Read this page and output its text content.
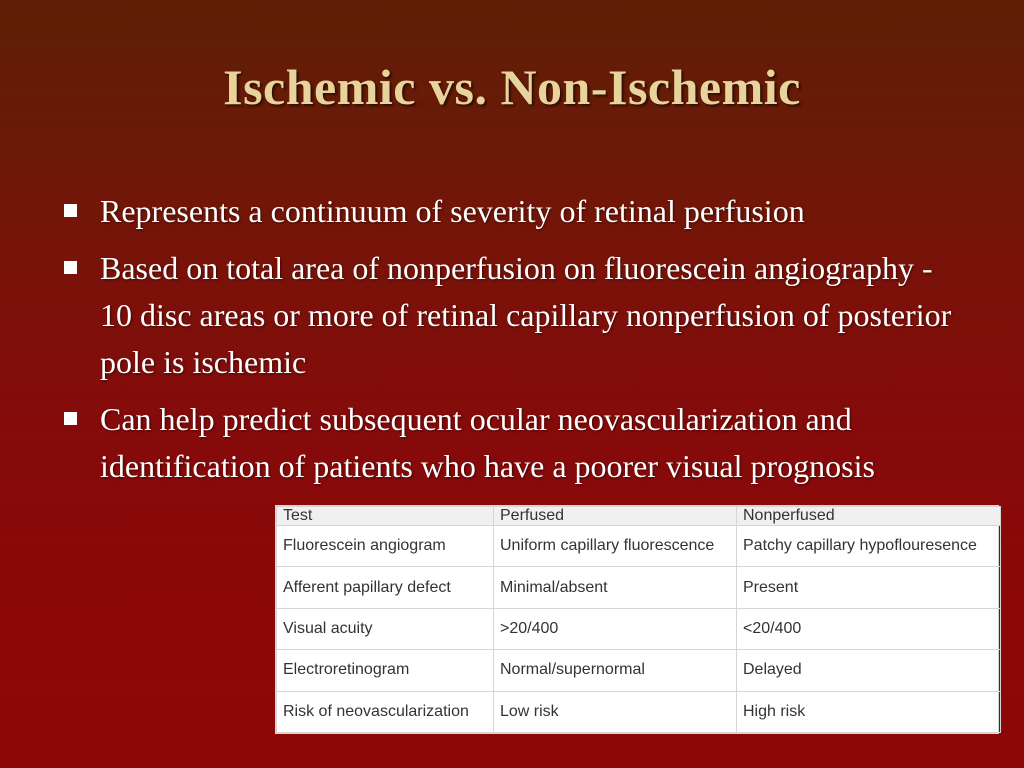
Ischemic vs. Non-Ischemic
Represents a continuum of severity of retinal perfusion
Based on total area of nonperfusion on fluorescein angiography - 10 disc areas or more of retinal capillary nonperfusion of posterior pole is ischemic
Can help predict subsequent ocular neovascularization and identification of patients who have a poorer visual prognosis
Test	Perfused	Nonperfused
Fluorescein angiogram	Uniform capillary fluorescence	Patchy capillary hypoflouresence
Afferent papillary defect	Minimal/absent	Present
Visual acuity	>20/400	<20/400
Electroretinogram	Normal/supernormal	Delayed
Risk of neovascularization	Low risk	High risk
